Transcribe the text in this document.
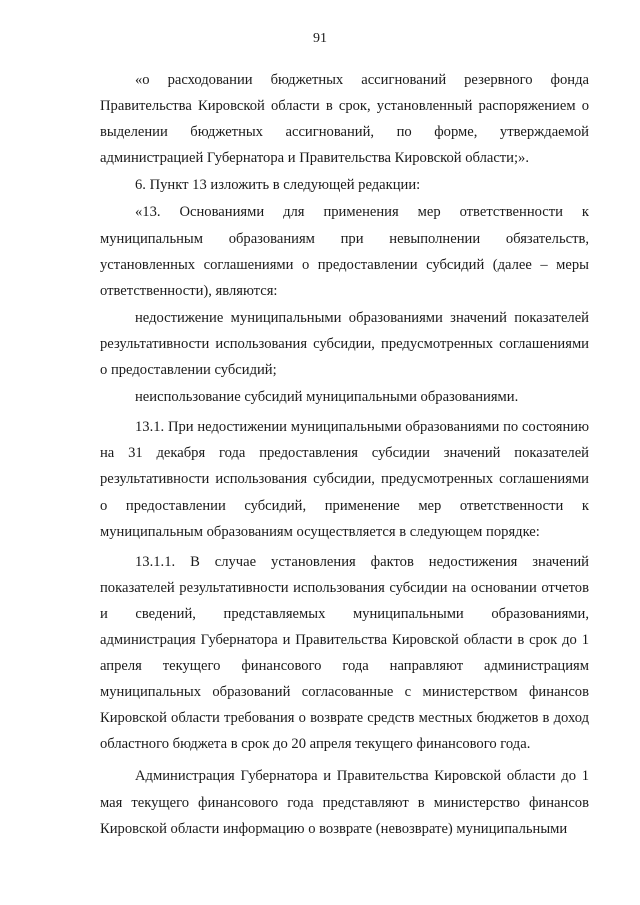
91

«о расходовании бюджетных ассигнований резервного фонда Правительства Кировской области в срок, установленный распоряжением о выделении бюджетных ассигнований, по форме, утверждаемой администрацией Губернатора и Правительства Кировской области;».

6. Пункт 13 изложить в следующей редакции:

«13. Основаниями для применения мер ответственности к муниципальным образованиям при невыполнении обязательств, установленных соглашениями о предоставлении субсидий (далее – меры ответственности), являются:

недостижение муниципальными образованиями значений показателей результативности использования субсидии, предусмотренных соглашениями о предоставлении субсидий;

неиспользование субсидий муниципальными образованиями.

13.1. При недостижении муниципальными образованиями по состоянию на 31 декабря года предоставления субсидии значений показателей результативности использования субсидии, предусмотренных соглашениями о предоставлении субсидий, применение мер ответственности к муниципальным образованиям осуществляется в следующем порядке:

13.1.1. В случае установления фактов недостижения значений показателей результативности использования субсидии на основании отчетов и сведений, представляемых муниципальными образованиями, администрация Губернатора и Правительства Кировской области в срок до 1 апреля текущего финансового года направляют администрациям муниципальных образований согласованные с министерством финансов Кировской области требования о возврате средств местных бюджетов в доход областного бюджета в срок до 20 апреля текущего финансового года.

Администрация Губернатора и Правительства Кировской области до 1 мая текущего финансового года представляют в министерство финансов Кировской области информацию о возврате (невозврате) муниципальными
